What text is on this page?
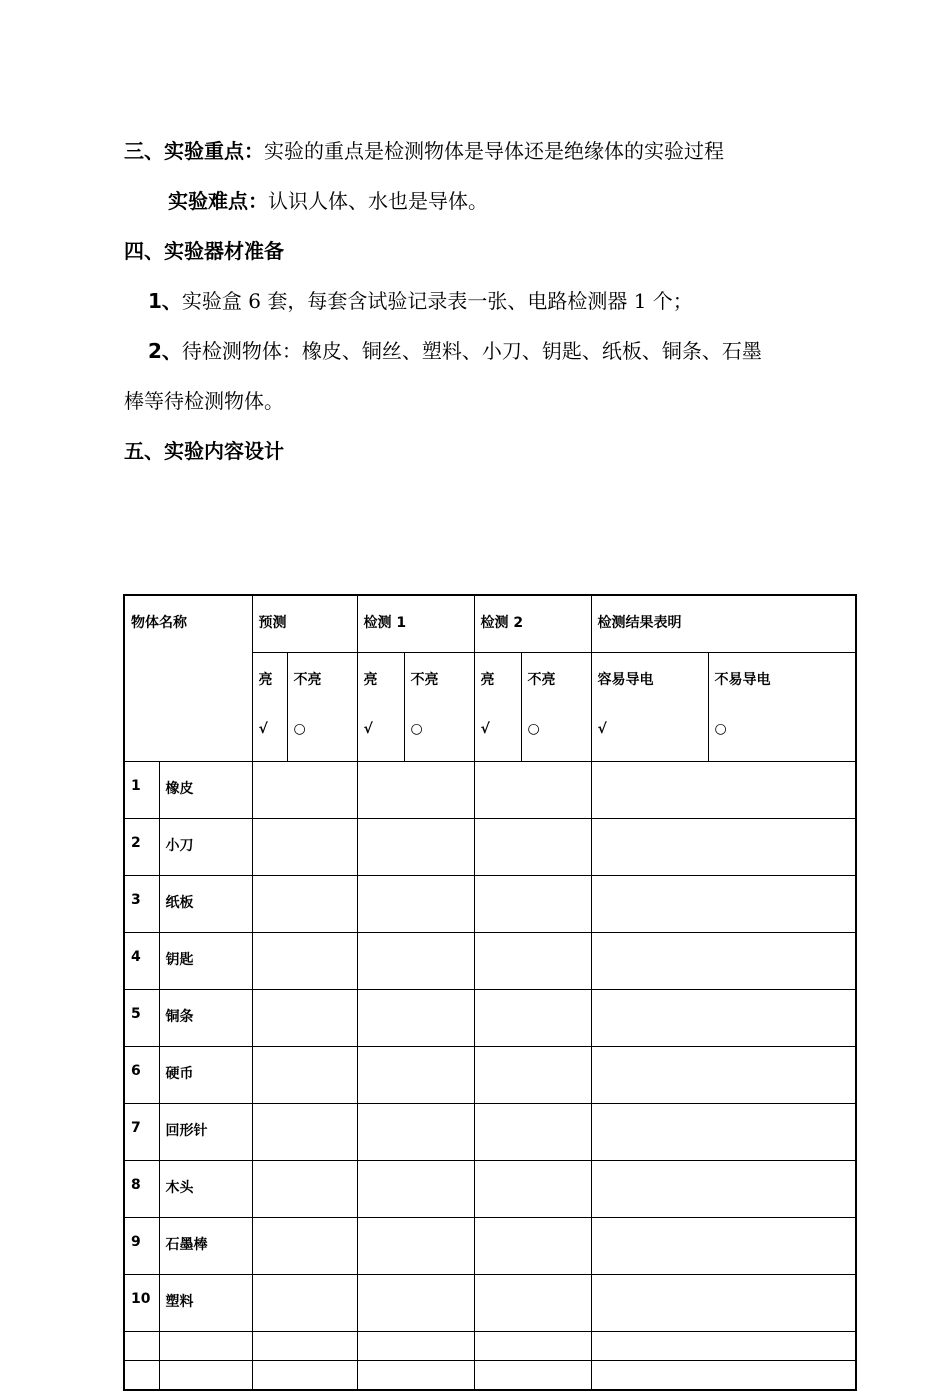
三、实验重点：实验的重点是检测物体是导体还是绝缘体的实验过程
实验难点：认识人体、水也是导体。
四、实验器材准备
1、实验盒 6 套，每套含试验记录表一张、电路检测器 1 个；
2、待检测物体：橡皮、铜丝、塑料、小刀、钥匙、纸板、铜条、石墨
棒等待检测物体。
五、实验内容设计
物体名称		预测		检测 1		检测 2		检测结果表明	
		亮	不亮	亮	不亮	亮	不亮	容易导电	不易导电
		√	○	√	○	√	○	√	○
1	橡皮								
2	小刀								
3	纸板								
4	钥匙								
5	铜条								
6	硬币								
7	回形针								
8	木头								
9	石墨棒								
10	塑料								
